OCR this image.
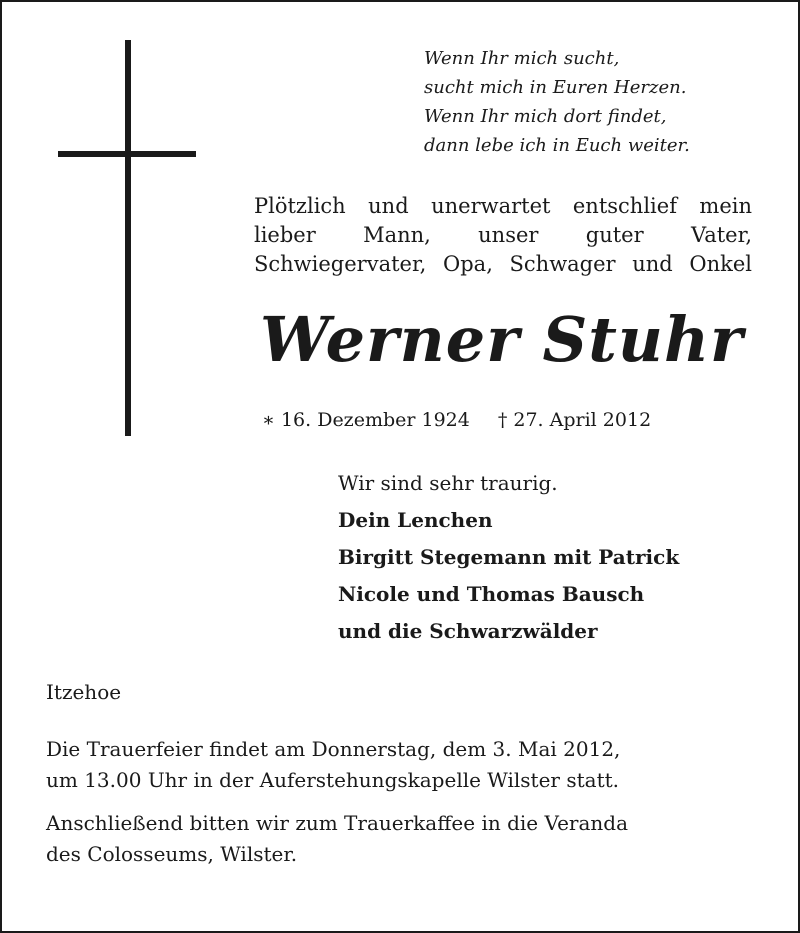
Wenn Ihr mich sucht,
sucht mich in Euren Herzen.
Wenn Ihr mich dort findet,
dann lebe ich in Euch weiter.
Plötzlich und unerwartet entschlief mein
lieber Mann, unser guter Vater,
Schwiegervater, Opa, Schwager und Onkel
Werner Stuhr
∗ 16. Dezember 1924 † 27. April 2012
Wir sind sehr traurig.
Dein Lenchen
Birgitt Stegemann mit Patrick
Nicole und Thomas Bausch
und die Schwarzwälder
Itzehoe
Die Trauerfeier findet am Donnerstag, dem 3. Mai 2012,
um 13.00 Uhr in der Auferstehungskapelle Wilster statt.
Anschließend bitten wir zum Trauerkaffee in die Veranda
des Colosseums, Wilster.
